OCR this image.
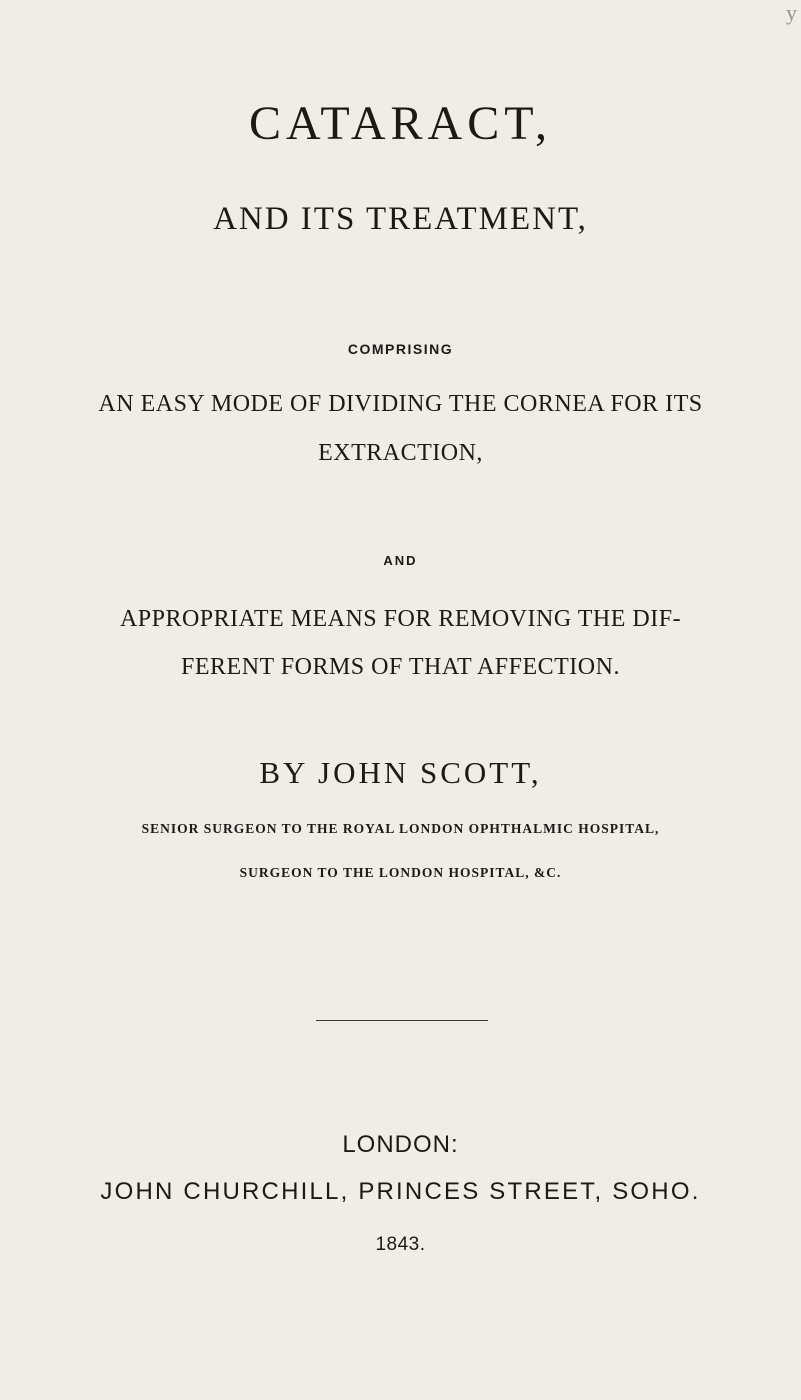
y
CATARACT,
AND ITS TREATMENT,
COMPRISING
AN EASY MODE OF DIVIDING THE CORNEA FOR ITS
EXTRACTION,
AND
APPROPRIATE MEANS FOR REMOVING THE DIF-
FERENT FORMS OF THAT AFFECTION.
BY JOHN SCOTT,
SENIOR SURGEON TO THE ROYAL LONDON OPHTHALMIC HOSPITAL,
SURGEON TO THE LONDON HOSPITAL, &C.
LONDON:
JOHN CHURCHILL, PRINCES STREET, SOHO.
1843.
